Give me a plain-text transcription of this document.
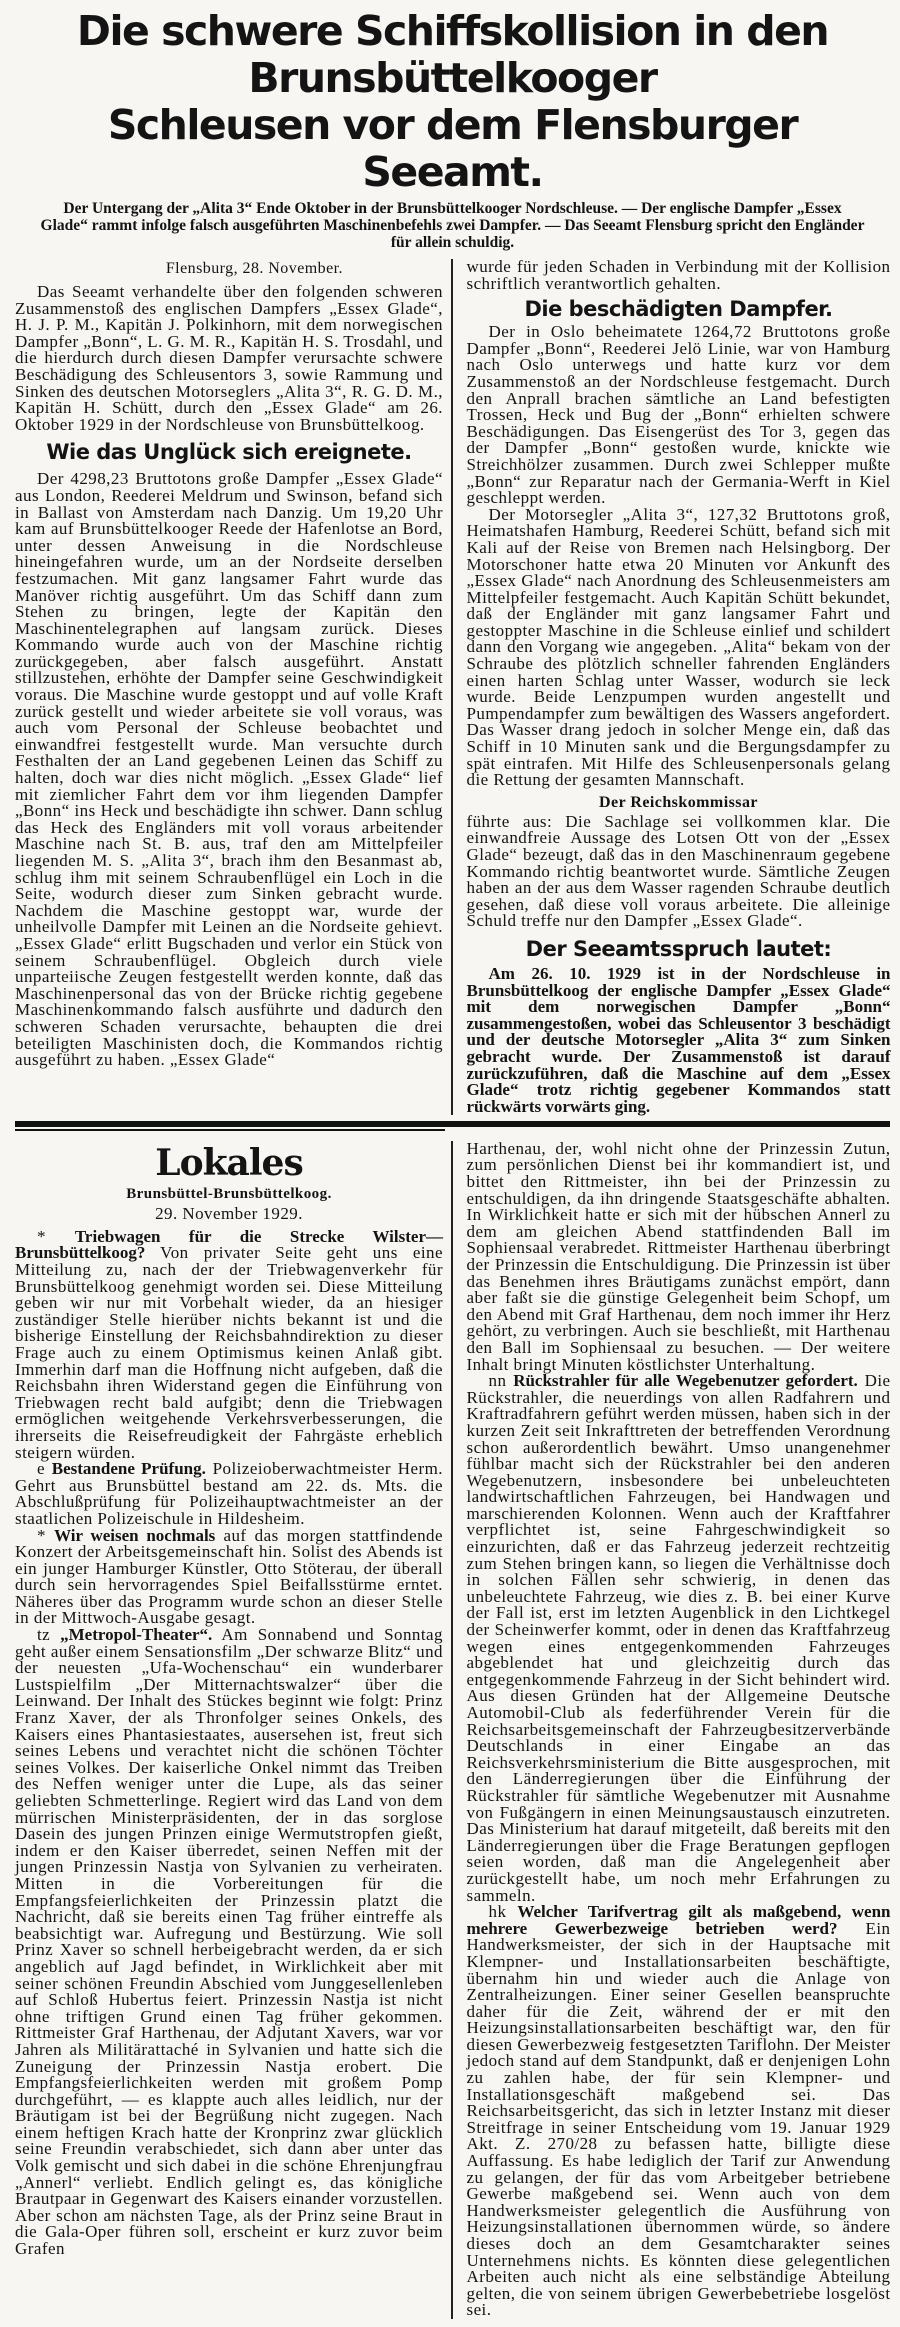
Die schwere Schiffskollision in den Brunsbüttelkooger
Schleusen vor dem Flensburger Seeamt.
Der Untergang der „Alita 3“ Ende Oktober in der Brunsbüttelkooger Nordschleuse. — Der englische Dampfer „Essex Glade“ rammt infolge falsch ausgeführten Maschinenbefehls zwei Dampfer. — Das Seeamt Flensburg spricht den Engländer für allein schuldig.
Flensburg, 28. November.

Das Seeamt verhandelte über den folgenden schweren Zusammenstoß des englischen Dampfers „Essex Glade“, H. J. P. M., Kapitän J. Polkinhorn, mit dem norwegischen Dampfer „Bonn“, L. G. M. R., Kapitän H. S. Trosdahl, und die hierdurch durch diesen Dampfer verursachte schwere Beschädigung des Schleusentors 3, sowie Rammung und Sinken des deutschen Motorseglers „Alita 3“, R. G. D. M., Kapitän H. Schütt, durch den „Essex Glade“ am 26. Oktober 1929 in der Nordschleuse von Brunsbüttelkoog.

Wie das Unglück sich ereignete.

Der 4298,23 Bruttotons große Dampfer „Essex Glade“ aus London, Reederei Meldrum und Swinson, befand sich in Ballast von Amsterdam nach Danzig. Um 19,20 Uhr kam auf Brunsbüttelkooger Reede der Hafenlotse an Bord, unter dessen Anweisung in die Nordschleuse hineingefahren wurde, um an der Nordseite derselben festzumachen. Mit ganz langsamer Fahrt wurde das Manöver richtig ausgeführt. Um das Schiff dann zum Stehen zu bringen, legte der Kapitän den Maschinentelegraphen auf langsam zurück. Dieses Kommando wurde auch von der Maschine richtig zurückgegeben, aber falsch ausgeführt. Anstatt stillzustehen, erhöhte der Dampfer seine Geschwindigkeit voraus. Die Maschine wurde gestoppt und auf volle Kraft zurück gestellt und wieder arbeitete sie voll voraus, was auch vom Personal der Schleuse beobachtet und einwandfrei festgestellt wurde. Man versuchte durch Festhalten der an Land gegebenen Leinen das Schiff zu halten, doch war dies nicht möglich. „Essex Glade“ lief mit ziemlicher Fahrt dem vor ihm liegenden Dampfer „Bonn“ ins Heck und beschädigte ihn schwer. Dann schlug das Heck des Engländers mit voll voraus arbeitender Maschine nach St. B. aus, traf den am Mittelpfeiler liegenden M. S. „Alita 3“, brach ihm den Besanmast ab, schlug ihm mit seinem Schraubenflügel ein Loch in die Seite, wodurch dieser zum Sinken gebracht wurde. Nachdem die Maschine gestoppt war, wurde der unheilvolle Dampfer mit Leinen an die Nordseite gehievt. „Essex Glade“ erlitt Bugschaden und verlor ein Stück von seinem Schraubenflügel. Obgleich durch viele unparteiische Zeugen festgestellt werden konnte, daß das Maschinenpersonal das von der Brücke richtig gegebene Maschinenkommando falsch ausführte und dadurch den schweren Schaden verursachte, behaupten die drei beteiligten Maschinisten doch, die Kommandos richtig ausgeführt zu haben. „Essex Glade“

wurde für jeden Schaden in Verbindung mit der Kollision schriftlich verantwortlich gehalten.

Die beschädigten Dampfer.

Der in Oslo beheimatete 1264,72 Bruttotons große Dampfer „Bonn“, Reederei Jelö Linie, war von Hamburg nach Oslo unterwegs und hatte kurz vor dem Zusammenstoß an der Nordschleuse festgemacht. Durch den Anprall brachen sämtliche an Land befestigten Trossen, Heck und Bug der „Bonn“ erhielten schwere Beschädigungen. Das Eisengerüst des Tor 3, gegen das der Dampfer „Bonn“ gestoßen wurde, knickte wie Streichhölzer zusammen. Durch zwei Schlepper mußte „Bonn“ zur Reparatur nach der Germania-Werft in Kiel geschleppt werden.

Der Motorsegler „Alita 3“, 127,32 Bruttotons groß, Heimatshafen Hamburg, Reederei Schütt, befand sich mit Kali auf der Reise von Bremen nach Helsingborg. Der Motorschoner hatte etwa 20 Minuten vor Ankunft des „Essex Glade“ nach Anordnung des Schleusenmeisters am Mittelpfeiler festgemacht. Auch Kapitän Schütt bekundet, daß der Engländer mit ganz langsamer Fahrt und gestoppter Maschine in die Schleuse einlief und schildert dann den Vorgang wie angegeben. „Alita“ bekam von der Schraube des plötzlich schneller fahrenden Engländers einen harten Schlag unter Wasser, wodurch sie leck wurde. Beide Lenzpumpen wurden angestellt und Pumpendampfer zum bewältigen des Wassers angefordert. Das Wasser drang jedoch in solcher Menge ein, daß das Schiff in 10 Minuten sank und die Bergungsdampfer zu spät eintrafen. Mit Hilfe des Schleusenpersonals gelang die Rettung der gesamten Mannschaft.

Der Reichskommissar

führte aus: Die Sachlage sei vollkommen klar. Die einwandfreie Aussage des Lotsen Ott von der „Essex Glade“ bezeugt, daß das in den Maschinenraum gegebene Kommando richtig beantwortet wurde. Sämtliche Zeugen haben an der aus dem Wasser ragenden Schraube deutlich gesehen, daß diese voll voraus arbeitete. Die alleinige Schuld treffe nur den Dampfer „Essex Glade“.

Der Seeamtsspruch lautet:

Am 26. 10. 1929 ist in der Nordschleuse in Brunsbüttelkoog der englische Dampfer „Essex Glade“ mit dem norwegischen Dampfer „Bonn“ zusammengestoßen, wobei das Schleusentor 3 beschädigt und der deutsche Motorsegler „Alita 3“ zum Sinken gebracht wurde. Der Zusammenstoß ist darauf zurückzuführen, daß die Maschine auf dem „Essex Glade“ trotz richtig gegebener Kommandos statt rückwärts vorwärts ging.

Lokales
Brunsbüttel-Brunsbüttelkoog.
29. November 1929.

* Triebwagen für die Strecke Wilster—Brunsbüttelkoog? Von privater Seite geht uns eine Mitteilung zu, nach der der Triebwagenverkehr für Brunsbüttelkoog genehmigt worden sei. Diese Mitteilung geben wir nur mit Vorbehalt wieder, da an hiesiger zuständiger Stelle hierüber nichts bekannt ist und die bisherige Einstellung der Reichsbahndirektion zu dieser Frage auch zu einem Optimismus keinen Anlaß gibt. Immerhin darf man die Hoffnung nicht aufgeben, daß die Reichsbahn ihren Widerstand gegen die Einführung von Triebwagen recht bald aufgibt; denn die Triebwagen ermöglichen weitgehende Verkehrsverbesserungen, die ihrerseits die Reisefreudigkeit der Fahrgäste erheblich steigern würden.

e Bestandene Prüfung. Polizeioberwachtmeister Herm. Gehrt aus Brunsbüttel bestand am 22. ds. Mts. die Abschlußprüfung für Polizeihauptwachtmeister an der staatlichen Polizeischule in Hildesheim.

* Wir weisen nochmals auf das morgen stattfindende Konzert der Arbeitsgemeinschaft hin. Solist des Abends ist ein junger Hamburger Künstler, Otto Stöterau, der überall durch sein hervorragendes Spiel Beifallsstürme erntet. Näheres über das Programm wurde schon an dieser Stelle in der Mittwoch-Ausgabe gesagt.

tz „Metropol-Theater“. Am Sonnabend und Sonntag geht außer einem Sensationsfilm „Der schwarze Blitz“ und der neuesten „Ufa-Wochenschau“ ein wunderbarer Lustspielfilm „Der Mitternachtswalzer“ über die Leinwand. Der Inhalt des Stückes beginnt wie folgt: Prinz Franz Xaver, der als Thronfolger seines Onkels, des Kaisers eines Phantasiestaates, ausersehen ist, freut sich seines Lebens und verachtet nicht die schönen Töchter seines Volkes. Der kaiserliche Onkel nimmt das Treiben des Neffen weniger unter die Lupe, als das seiner geliebten Schmetterlinge. Regiert wird das Land von dem mürrischen Ministerpräsidenten, der in das sorglose Dasein des jungen Prinzen einige Wermutstropfen gießt, indem er den Kaiser überredet, seinen Neffen mit der jungen Prinzessin Nastja von Sylvanien zu verheiraten. Mitten in die Vorbereitungen für die Empfangsfeierlichkeiten der Prinzessin platzt die Nachricht, daß sie bereits einen Tag früher eintreffe als beabsichtigt war. Aufregung und Bestürzung. Wie soll Prinz Xaver so schnell herbeigebracht werden, da er sich angeblich auf Jagd befindet, in Wirklichkeit aber mit seiner schönen Freundin Abschied vom Junggesellenleben auf Schloß Hubertus feiert. Prinzessin Nastja ist nicht ohne triftigen Grund einen Tag früher gekommen. Rittmeister Graf Harthenau, der Adjutant Xavers, war vor Jahren als Militärattaché in Sylvanien und hatte sich die Zuneigung der Prinzessin Nastja erobert. Die Empfangsfeierlichkeiten werden mit großem Pomp durchgeführt, — es klappte auch alles leidlich, nur der Bräutigam ist bei der Begrüßung nicht zugegen. Nach einem heftigen Krach hatte der Kronprinz zwar glücklich seine Freundin verabschiedet, sich dann aber unter das Volk gemischt und sich dabei in die schöne Ehrenjungfrau „Annerl“ verliebt. Endlich gelingt es, das königliche Brautpaar in Gegenwart des Kaisers einander vorzustellen. Aber schon am nächsten Tage, als der Prinz seine Braut in die Gala-Oper führen soll, erscheint er kurz zuvor beim Grafen

Harthenau, der, wohl nicht ohne der Prinzessin Zutun, zum persönlichen Dienst bei ihr kommandiert ist, und bittet den Rittmeister, ihn bei der Prinzessin zu entschuldigen, da ihn dringende Staatsgeschäfte abhalten. In Wirklichkeit hatte er sich mit der hübschen Annerl zu dem am gleichen Abend stattfindenden Ball im Sophiensaal verabredet. Rittmeister Harthenau überbringt der Prinzessin die Entschuldigung. Die Prinzessin ist über das Benehmen ihres Bräutigams zunächst empört, dann aber faßt sie die günstige Gelegenheit beim Schopf, um den Abend mit Graf Harthenau, dem noch immer ihr Herz gehört, zu verbringen. Auch sie beschließt, mit Harthenau den Ball im Sophiensaal zu besuchen. — Der weitere Inhalt bringt Minuten köstlichster Unterhaltung.

nn Rückstrahler für alle Wegebenutzer gefordert. Die Rückstrahler, die neuerdings von allen Radfahrern und Kraftradfahrern geführt werden müssen, haben sich in der kurzen Zeit seit Inkrafttreten der betreffenden Verordnung schon außerordentlich bewährt. Umso unangenehmer fühlbar macht sich der Rückstrahler bei den anderen Wegebenutzern, insbesondere bei unbeleuchteten landwirtschaftlichen Fahrzeugen, bei Handwagen und marschierenden Kolonnen. Wenn auch der Kraftfahrer verpflichtet ist, seine Fahrgeschwindigkeit so einzurichten, daß er das Fahrzeug jederzeit rechtzeitig zum Stehen bringen kann, so liegen die Verhältnisse doch in solchen Fällen sehr schwierig, in denen das unbeleuchtete Fahrzeug, wie dies z. B. bei einer Kurve der Fall ist, erst im letzten Augenblick in den Lichtkegel der Scheinwerfer kommt, oder in denen das Kraftfahrzeug wegen eines entgegenkommenden Fahrzeuges abgeblendet hat und gleichzeitig durch das entgegenkommende Fahrzeug in der Sicht behindert wird. Aus diesen Gründen hat der Allgemeine Deutsche Automobil-Club als federführender Verein für die Reichsarbeitsgemeinschaft der Fahrzeugbesitzerverbände Deutschlands in einer Eingabe an das Reichsverkehrsministerium die Bitte ausgesprochen, mit den Länderregierungen über die Einführung der Rückstrahler für sämtliche Wegebenutzer mit Ausnahme von Fußgängern in einen Meinungsaustausch einzutreten. Das Ministerium hat darauf mitgeteilt, daß bereits mit den Länderregierungen über die Frage Beratungen gepflogen seien worden, daß man die Angelegenheit aber zurückgestellt habe, um noch mehr Erfahrungen zu sammeln.

hk Welcher Tarifvertrag gilt als maßgebend, wenn mehrere Gewerbezweige betrieben werd? Ein Handwerksmeister, der sich in der Hauptsache mit Klempner- und Installationsarbeiten beschäftigte, übernahm hin und wieder auch die Anlage von Zentralheizungen. Einer seiner Gesellen beanspruchte daher für die Zeit, während der er mit den Heizungsinstallationsarbeiten beschäftigt war, den für diesen Gewerbezweig festgesetzten Tariflohn. Der Meister jedoch stand auf dem Standpunkt, daß er denjenigen Lohn zu zahlen habe, der für sein Klempner- und Installationsgeschäft maßgebend sei. Das Reichsarbeitsgericht, das sich in letzter Instanz mit dieser Streitfrage in seiner Entscheidung vom 19. Januar 1929 Akt. Z. 270/28 zu befassen hatte, billigte diese Auffassung. Es habe lediglich der Tarif zur Anwendung zu gelangen, der für das vom Arbeitgeber betriebene Gewerbe maßgebend sei. Wenn auch von dem Handwerksmeister gelegentlich die Ausführung von Heizungsinstallationen übernommen würde, so ändere dieses doch an dem Gesamtcharakter seines Unternehmens nichts. Es könnten diese gelegentlichen Arbeiten auch nicht als eine selbständige Abteilung gelten, die von seinem übrigen Gewerbebetriebe losgelöst sei.
